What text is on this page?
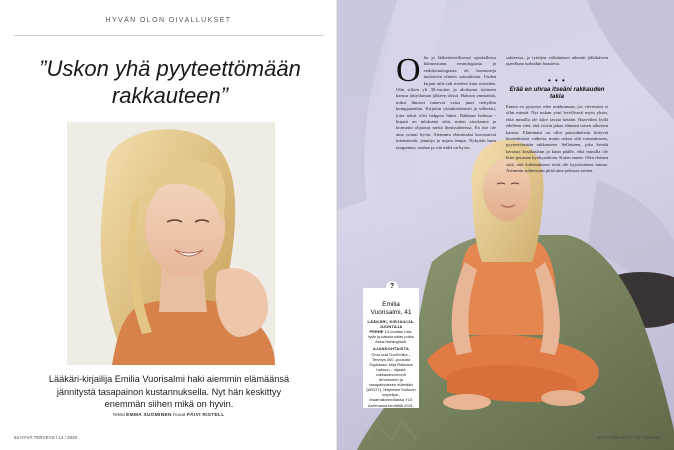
HYVÄN OLON OIVALLUKSET
”Uskon yhä pyyteettömään rakkauteen”
Lääkäri-kirjailija Emilia Vuorisalmi haki aiemmin elämäänsä jännitystä tasapainon kustannuksella. Nyt hän keskittyy enemmän siihen mikä on hyvin.
Teksti EMMA SUOMINEN Kuvat PÄIVI RISTELL
62 HYVÄ TERVEYS / 14 / 2020	HYVÄ TERVEYS / 14 / 2020 63
O lin jo lääketieteellisessä opiskellessa kiinnostunut neurologiasta ja endokrinologiasta eli hormoneja tuottavien elinten sairauksista. Uuden kirjani aihe tuli mieleni kuin itsestään. Olin silloin yli 30-vuotias ja aloittanut tyttäreni kanssa äitiysloman jälkeen töissä. Halusin ymmärtää, miksi ihmiset tuntevat vetoa juuri tiettyihin kumppaneihin. Kirjoitin yksinkertaisesti ja selkeästi, jotta teksti olisi helppoa lukea. Rakkaus haltuun -kirjani on tuloksena siitä, miten aivokemia ja hormonit ohjaavat meitä ihmissuhteissa. En itse ole aina voinut hyvin. Aiemmin elämässäni korostuivat intensiteetti, jännitys ja nopea tempo. Nykyään haen tasapainoa, rauhaa ja sitä mikä on hyvin.

suhteessa, ja tyttöjen välttämisen aiheutti jälkikäteen ajatelluna turhiakin haasteita.

• • •
Erää en uhraa itseäni rakkauden takia

Ennen en pystynyt edes nukkumaan, jos vieressäni ei ollut miestä. Nyt nukun yöni levollisesti myös yksin, eikä minulla ole kiire tavata ketään. Haaveilen kyllä edelleen siitä, että voisin jakaa elämäni toisen aikuisen kanssa. Elämäsäni on ollut parisuhteisiin liittyviä kuormittavia vaiheita, mutta uskon silti romanttiseen, pyyteettömään rakkauteen. Sellaiseen, joka kestää kerrasta kesäkuuhun ja kuun päälle, eikä minulla ole kiire perustaa hyökyaaltona. Kuten ennen. Olen iloinen siitä, että kokemukseni eivät ole kyynistäneet minua. Aiemmin suhteissani pitää aina pelastaa toinen.

Emilia Vuorisalmi, 41
LÄÄKÄRI, KIRJAILIJA, JUONTAJA
PERHE 13-vuotias Lilia-tytär ja kaksivuotias poika Assa-Helsingissä.
AJANKOHTAISTA
Oma uusi DocEmilia – Terveys 360 -podcast Supliassa, kirja Rakkaus haltuun – oljasta rakkaushormonit terveeseen ja tasapainoiseen elämään (WSOY). Näyttelee Kulkurin ompelijat -draamakomediassa YLE Areenassa keväällä 2021.
?
